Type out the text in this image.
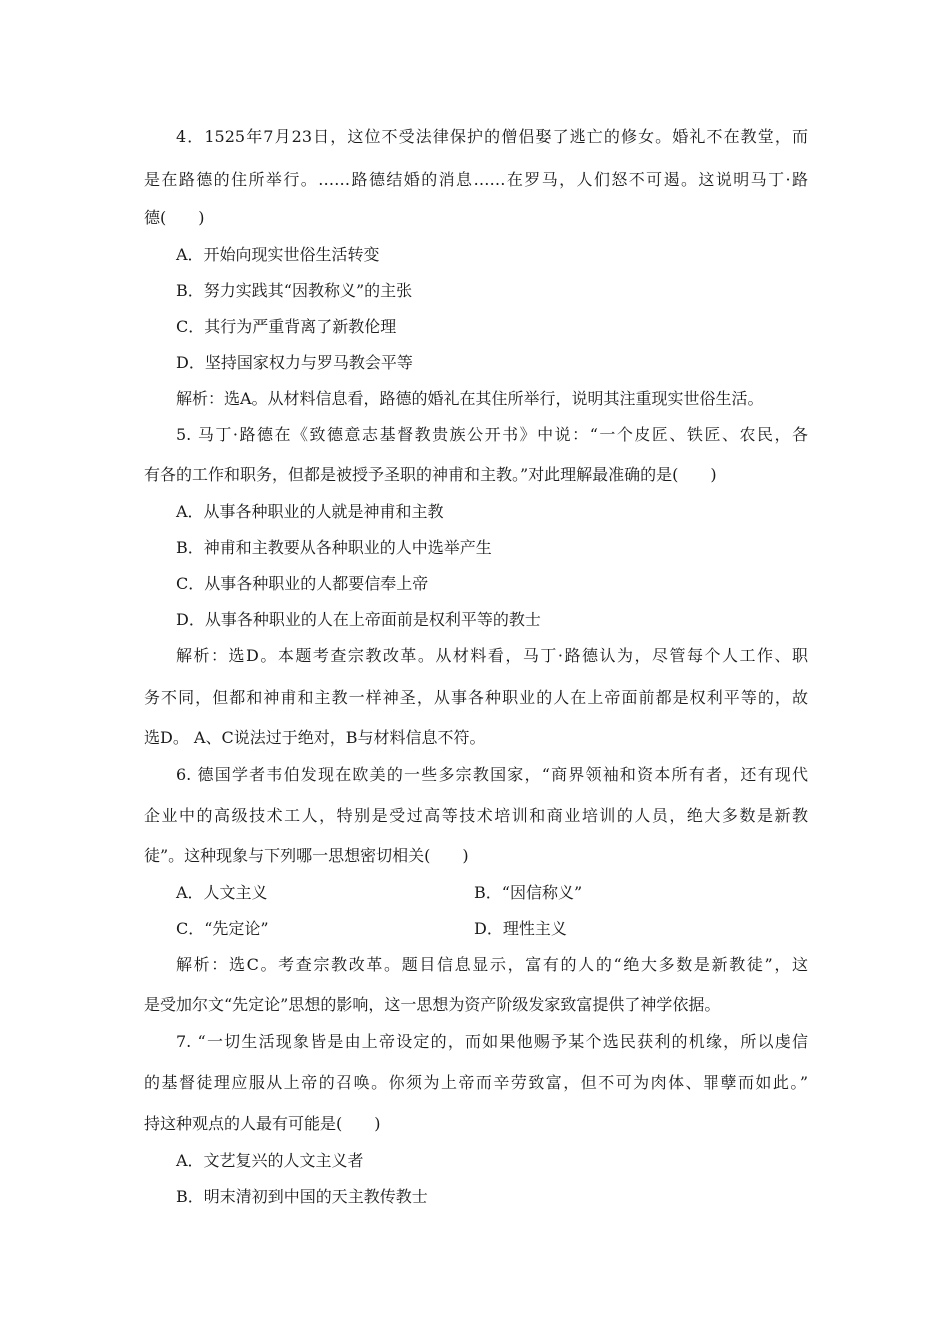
4．1525年7月23日，这位不受法律保护的僧侣娶了逃亡的修女。婚礼不在教堂，而
是在路德的住所举行。……路德结婚的消息……在罗马，人们怒不可遏。这说明马丁·路
德(　　)
A．开始向现实世俗生活转变
B．努力实践其“因教称义”的主张
C．其行为严重背离了新教伦理
D．坚持国家权力与罗马教会平等
解析：选A。从材料信息看，路德的婚礼在其住所举行，说明其注重现实世俗生活。
5. 马丁·路德在《致德意志基督教贵族公开书》中说：“一个皮匠、铁匠、农民，各
有各的工作和职务，但都是被授予圣职的神甫和主教。”对此理解最准确的是(　　)
A．从事各种职业的人就是神甫和主教
B．神甫和主教要从各种职业的人中选举产生
C．从事各种职业的人都要信奉上帝
D．从事各种职业的人在上帝面前是权利平等的教士
解析：选D。本题考查宗教改革。从材料看，马丁·路德认为，尽管每个人工作、职
务不同，但都和神甫和主教一样神圣，从事各种职业的人在上帝面前都是权利平等的，故
选D。 A、C说法过于绝对，B与材料信息不符。
6. 德国学者韦伯发现在欧美的一些多宗教国家，“商界领袖和资本所有者，还有现代
企业中的高级技术工人，特别是受过高等技术培训和商业培训的人员，绝大多数是新教
徒”。这种现象与下列哪一思想密切相关(　　)
A．人文主义	B．“因信称义”
C．“先定论”	D．理性主义
解析：选C。考查宗教改革。题目信息显示，富有的人的“绝大多数是新教徒”，这
是受加尔文“先定论”思想的影响，这一思想为资产阶级发家致富提供了神学依据。
7. “一切生活现象皆是由上帝设定的，而如果他赐予某个选民获利的机缘，所以虔信
的基督徒理应服从上帝的召唤。你须为上帝而辛劳致富，但不可为肉体、罪孽而如此。”
持这种观点的人最有可能是(　　)
A．文艺复兴的人文主义者
B．明末清初到中国的天主教传教士
